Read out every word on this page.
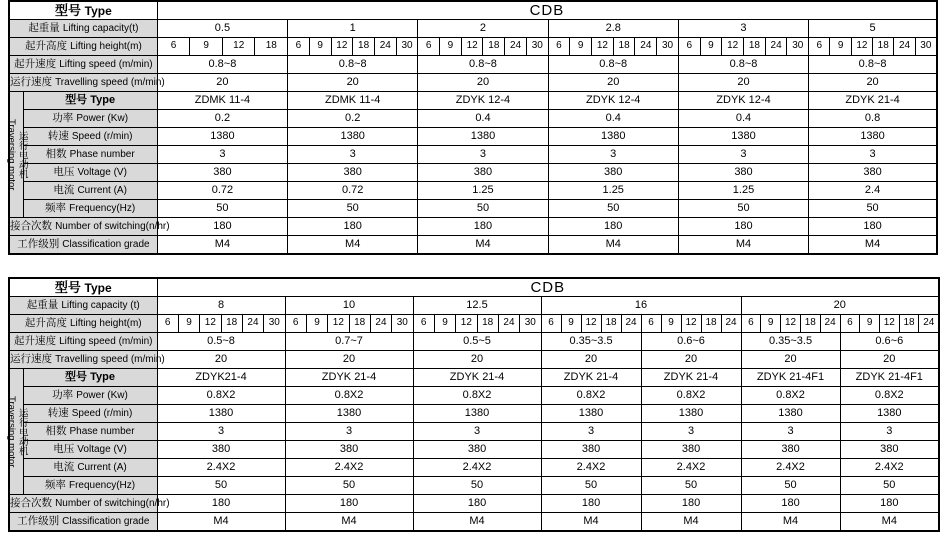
型号 Type		CDB					
起重量 Lifting capacity(t)		0.5	1	2	2.8	3	5
起升高度 Lifting height(m)	6	9	12	18	6	9	12	18	24	30	6	9	12	18	24	30	6	9	12	18	24	30	6	9	12	18	24	30	6	9	12	18	24	30

起升速度 Lifting speed (m/min)		0.8~8	0.8~8	0.8~8	0.8~8	0.8~8	0.8~8
运行速度 Travelling speed (m/min)		20	20	20	20	20	20

Traversing motor 运行电动机	型号 Type	ZDMK 11-4	ZDMK 11-4	ZDYK 12-4	ZDYK 12-4	ZDYK 12-4	ZDYK 21-4
	功率 Power (Kw)	0.2	0.2	0.4	0.4	0.4	0.8
	转速 Speed (r/min)	1380	1380	1380	1380	1380	1380
	相数 Phase number	3	3	3	3	3	3
	电压 Voltage (V)	380	380	380	380	380	380
	电流 Current (A)	0.72	0.72	1.25	1.25	1.25	2.4
	频率 Frequency(Hz)	50	50	50	50	50	50
接合次数 Number of switching(n/hr)		180	180	180	180	180	180
工作级别 Classification grade		M4	M4	M4	M4	M4	M4
型号 Type		CDB						
起重量 Lifting capacity (t)		8	10	12.5	16		20	
起升高度 Lifting height(m)	6	9	12	18	24	30	6	9	12	18	24	30	6	9	12	18	24	30	6	9	12 18 24	6	9	12 18 24	6	9	12 18 24	6	9	12 18 24

起升速度 Lifting speed (m/min)		0.5~8	0.7~7	0.5~5	0.35~3.5	0.6~6	0.35~3.5	0.6~6
运行速度 Travelling speed (m/min)		20	20	20	20	20	20	20

Traversing motor 运行电动机	型号 Type	ZDYK21-4	ZDYK 21-4	ZDYK 21-4	ZDYK 21-4	ZDYK 21-4	ZDYK 21-4F1	ZDYK 21-4F1
	功率 Power (Kw)	0.8X2	0.8X2	0.8X2	0.8X2	0.8X2	0.8X2	0.8X2
	转速 Speed (r/min)	1380	1380	1380	1380	1380	1380	1380
	相数 Phase number	3	3	3	3	3	3	3
	电压 Voltage (V)	380	380	380	380	380	380	380
	电流 Current (A)	2.4X2	2.4X2	2.4X2	2.4X2	2.4X2	2.4X2	2.4X2
	频率 Frequency(Hz)	50	50	50	50	50	50	50
接合次数 Number of switching(n/hr)		180	180	180	180	180	180	180
工作级别 Classification grade		M4	M4	M4	M4	M4	M4	M4
